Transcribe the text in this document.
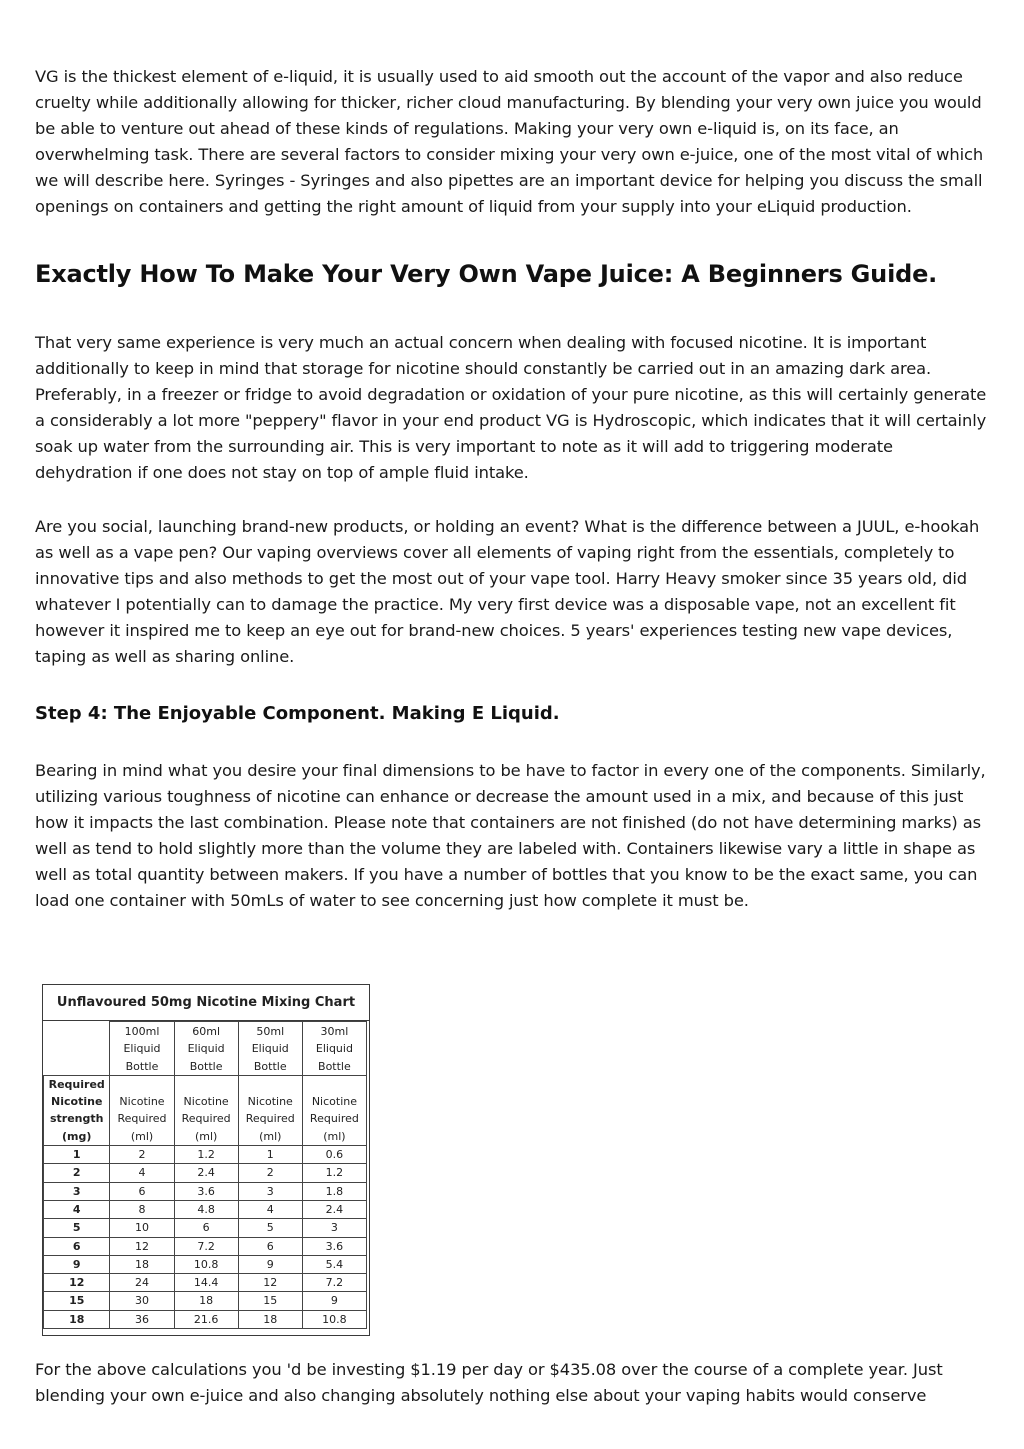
VG is the thickest element of e-liquid, it is usually used to aid smooth out the account of the vapor and also reduce cruelty while additionally allowing for thicker, richer cloud manufacturing. By blending your very own juice you would be able to venture out ahead of these kinds of regulations. Making your very own e-liquid is, on its face, an overwhelming task. There are several factors to consider mixing your very own e-juice, one of the most vital of which we will describe here. Syringes - Syringes and also pipettes are an important device for helping you discuss the small openings on containers and getting the right amount of liquid from your supply into your eLiquid production.

Exactly How To Make Your Very Own Vape Juice: A Beginners Guide.

That very same experience is very much an actual concern when dealing with focused nicotine. It is important additionally to keep in mind that storage for nicotine should constantly be carried out in an amazing dark area. Preferably, in a freezer or fridge to avoid degradation or oxidation of your pure nicotine, as this will certainly generate a considerably a lot more "peppery" flavor in your end product VG is Hydroscopic, which indicates that it will certainly soak up water from the surrounding air. This is very important to note as it will add to triggering moderate dehydration if one does not stay on top of ample fluid intake.

Are you social, launching brand-new products, or holding an event? What is the difference between a JUUL, e-hookah as well as a vape pen? Our vaping overviews cover all elements of vaping right from the essentials, completely to innovative tips and also methods to get the most out of your vape tool. Harry Heavy smoker since 35 years old, did whatever I potentially can to damage the practice. My very first device was a disposable vape, not an excellent fit however it inspired me to keep an eye out for brand-new choices. 5 years' experiences testing new vape devices, taping as well as sharing online.

Step 4: The Enjoyable Component. Making E Liquid.

Bearing in mind what you desire your final dimensions to be have to factor in every one of the components. Similarly, utilizing various toughness of nicotine can enhance or decrease the amount used in a mix, and because of this just how it impacts the last combination. Please note that containers are not finished (do not have determining marks) as well as tend to hold slightly more than the volume they are labeled with. Containers likewise vary a little in shape as well as total quantity between makers. If you have a number of bottles that you know to be the exact same, you can load one container with 50mLs of water to see concerning just how complete it must be.

Unflavoured 50mg Nicotine Mixing Chart
	100ml
Eliquid
Bottle	60ml
Eliquid
Bottle	50ml
Eliquid
Bottle	30ml
Eliquid
Bottle
Required
Nicotine
strength
(mg)	Nicotine
Required
(ml)	Nicotine
Required
(ml)	Nicotine
Required
(ml)	Nicotine
Required
(ml)
1	2	1.2	1	0.6
2	4	2.4	2	1.2
3	6	3.6	3	1.8
4	8	4.8	4	2.4
5	10	6	5	3
6	12	7.2	6	3.6
9	18	10.8	9	5.4
12	24	14.4	12	7.2
15	30	18	15	9
18	36	21.6	18	10.8

For the above calculations you 'd be investing $1.19 per day or $435.08 over the course of a complete year. Just blending your own e-juice and also changing absolutely nothing else about your vaping habits would conserve
